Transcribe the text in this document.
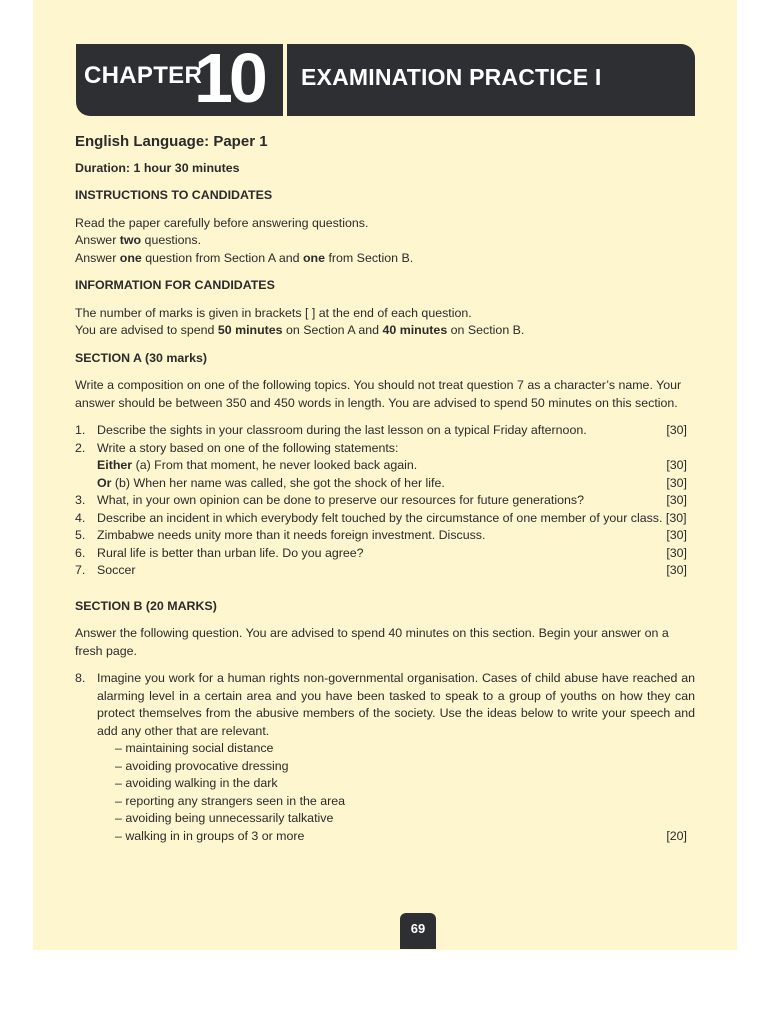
CHAPTER
10 EXAMINATION PRACTICE I
English Language: Paper 1
Duration: 1 hour 30 minutes
INSTRUCTIONS TO CANDIDATES
Read the paper carefully before answering questions.
Answer two questions.
Answer one question from Section A and one from Section B.
INFORMATION FOR CANDIDATES
The number of marks is given in brackets [ ] at the end of each question.
You are advised to spend 50 minutes on Section A and 40 minutes on Section B.
SECTION A (30 marks)
Write a composition on one of the following topics. You should not treat question 7 as a character’s name. Your answer should be between 350 and 450 words in length. You are advised to spend 50 minutes on this section.
1. Describe the sights in your classroom during the last lesson on a typical Friday afternoon.	[30]
2. Write a story based on one of the following statements:
Either (a) From that moment, he never looked back again.	[30]
Or (b) When her name was called, she got the shock of her life.	[30]
3. What, in your own opinion can be done to preserve our resources for future generations?	[30]
4. Describe an incident in which everybody felt touched by the circumstance of one member of your class. [30]
5. Zimbabwe needs unity more than it needs foreign investment. Discuss.	[30]
6. Rural life is better than urban life. Do you agree?	[30]
7. Soccer	[30]
SECTION B (20 MARKS)
Answer the following question. You are advised to spend 40 minutes on this section. Begin your answer on a fresh page.
8. Imagine you work for a human rights non-governmental organisation. Cases of child abuse have reached an alarming level in a certain area and you have been tasked to speak to a group of youths on how they can protect themselves from the abusive members of the society. Use the ideas below to write your speech and add any other that are relevant.
– maintaining social distance
– avoiding provocative dressing
– avoiding walking in the dark
– reporting any strangers seen in the area
– avoiding being unnecessarily talkative
– walking in in groups of 3 or more	[20]
69
